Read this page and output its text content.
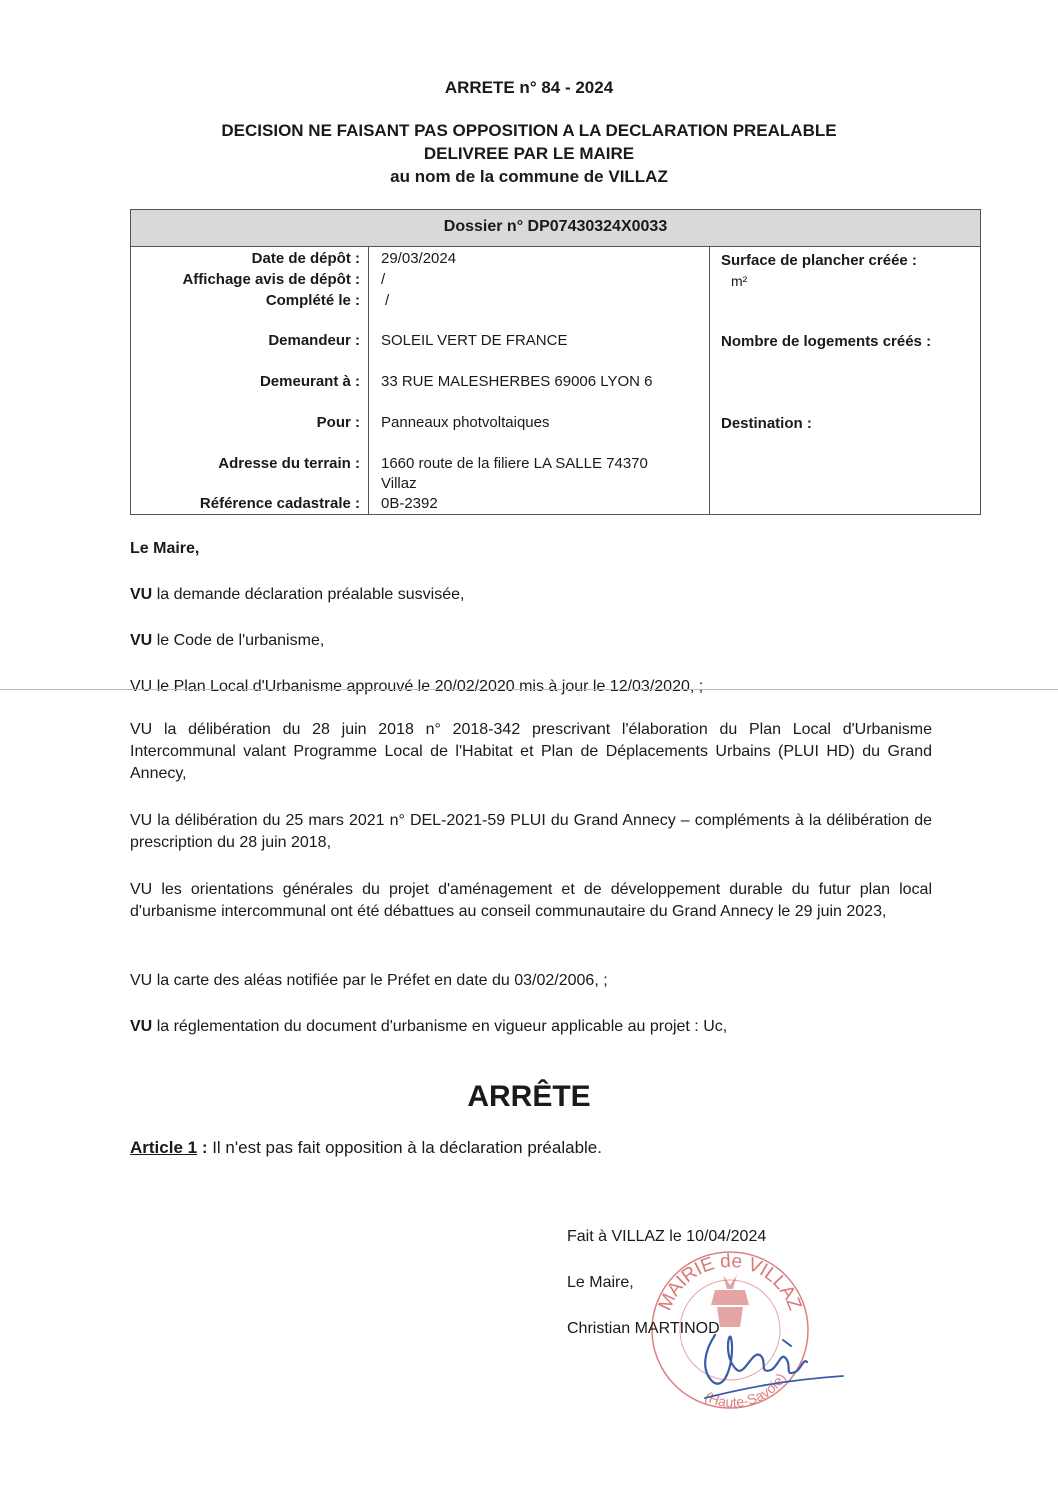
ARRETE n° 84 - 2024
DECISION NE FAISANT PAS OPPOSITION A LA DECLARATION PREALABLE
DELIVREE PAR LE MAIRE
au nom de la commune de VILLAZ
Dossier n° DP07430324X0033
Date de dépôt : 29/03/2024
Affichage avis de dépôt : /
Complété le : /
Demandeur : SOLEIL VERT DE FRANCE
Demeurant à : 33 RUE MALESHERBES 69006 LYON 6
Pour : Panneaux photvoltaiques
Adresse du terrain : 1660 route de la filiere LA SALLE 74370
Villaz
Référence cadastrale : 0B-2392
Surface de plancher créée :
m²
Nombre de logements créés :
Destination :

Le Maire,

VU la demande déclaration préalable susvisée,

VU le Code de l'urbanisme,

VU le Plan Local d'Urbanisme approuvé le 20/02/2020 mis à jour le 12/03/2020, ;

VU la délibération du 28 juin 2018 n° 2018-342 prescrivant l'élaboration du Plan Local d'Urbanisme Intercommunal valant Programme Local de l'Habitat et Plan de Déplacements Urbains (PLUI HD) du Grand Annecy,

VU la délibération du 25 mars 2021 n° DEL-2021-59 PLUI du Grand Annecy – compléments à la délibération de prescription du 28 juin 2018,

VU les orientations générales du projet d'aménagement et de développement durable du futur plan local d'urbanisme intercommunal ont été débattues au conseil communautaire du Grand Annecy le 29 juin 2023,

VU la carte des aléas notifiée par le Préfet en date du 03/02/2006, ;

VU la réglementation du document d'urbanisme en vigueur applicable au projet : Uc,

ARRÊTE

Article 1 : Il n'est pas fait opposition à la déclaration préalable.

Fait à VILLAZ le 10/04/2024
MAIRIE de VILLAZ
(Haute-Savoie)
Le Maire,
Christian MARTINOD
